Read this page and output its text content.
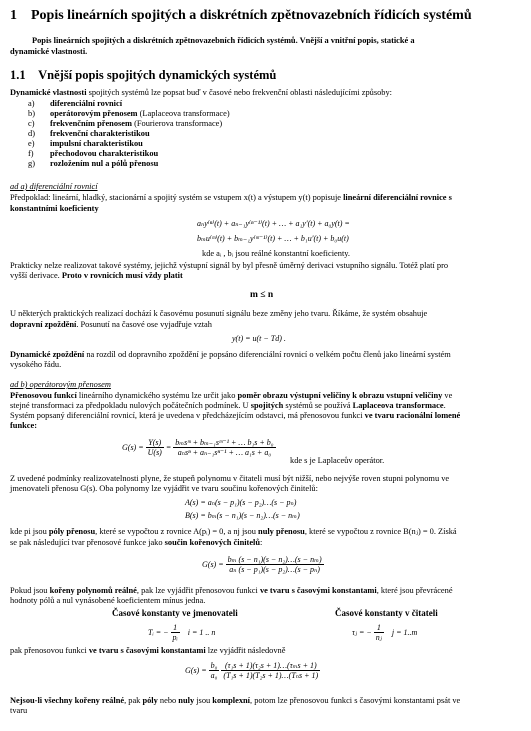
1 Popis lineárních spojitých a diskrétních zpětnovazebních řídicích systémů
Popis lineárních spojitých a diskrétních zpětnovazebních řídicích systémů. Vnější a vnitřní popis, statické a
dynamické vlastnosti.
1.1 Vnější popis spojitých dynamických systémů
Dynamické vlastnosti spojitých systémů lze popsat buď v časové nebo frekvenční oblasti následujícími způsoby:
a) diferenciální rovnicí
b) operátorovým přenosem (Laplaceova transformace)
c) frekvenčním přenosem (Fourierova transformace)
d) frekvenční charakteristikou
e) impulsní charakteristikou
f) přechodovou charakteristikou
g) rozložením nul a pólů přenosu
ad a) diferenciální rovnicí
Předpoklad: lineární, hladký, stacionární a spojitý systém se vstupem x(t) a výstupem y(t) popisuje lineární diferenciální rovnice s
konstantními koeficienty
aₙy⁽ⁿ⁾(t) + aₙ₋₁y⁽ⁿ⁻¹⁾(t) + … + a₁y′(t) + a₀y(t) =
bₘu⁽ᵐ⁾(t) + bₘ₋₁y⁽ᵐ⁻¹⁾(t) + … + b₁u′(t) + b₀u(t)
kde aᵢ , bᵢ jsou reálné konstantní koeficienty.
Prakticky nelze realizovat takové systémy, jejichž výstupní signál by byl přesně úměrný derivaci vstupního signálu. Totéž platí pro
vyšší derivace. Proto v rovnicích musí vždy platit
m ≤ n
U některých praktických realizací dochází k časovému posunutí signálu beze změny jeho tvaru. Říkáme, že systém obsahuje
dopravní zpoždění. Posunutí na časové ose vyjadřuje vztah
y(t) = u(t − Td) .
Dynamické zpoždění na rozdíl od dopravního zpoždění je popsáno diferenciální rovnicí o velkém počtu členů jako lineární systém
vysokého řádu.
ad b) operátorovým přenosem
Přenosovou funkcí lineárního dynamického systému lze určit jako poměr obrazu výstupní veličiny k obrazu vstupní veličiny ve
stejné transformaci za předpokladu nulových počátečních podmínek. U spojitých systémů se používá Laplaceova transformace.
Systém popsaný diferenciální rovnicí, která je uvedena v předcházejícím odstavci, má přenosovou funkci ve tvaru racionální lomené
funkce:
$G(s) = \frac{Y(s)}{U(s)} = \frac{\text{bₘsᵐ + bₘ₋₁sᵐ⁻¹ + … b₁s + b₀}}{\text{aₙsⁿ + aₙ₋₁sⁿ⁻¹ + … a₁s + a₀}}$
kde s je Laplaceův operátor.
Z uvedené podmínky realizovatelnosti plyne, že stupeň polynomu v čitateli musí být nižší, nebo nejvýše roven stupni polynomu ve
jmenovateli přenosu G(s). Oba polynomy lze vyjádřit ve tvaru součinu kořenových činitelů:
A(s) = aₙ(s − p₁)(s − p₂)…(s − pₙ)
B(s) = bₘ(s − n₁)(s − n₂)…(s − nₘ)
kde pi jsou póly přenosu, které se vypočtou z rovnice A(pᵢ) = 0, a nj jsou nuly přenosu, které se vypočtou z rovnice B(nⱼ) = 0. Získá
se pak následující tvar přenosové funkce jako součin kořenových činitelů:
$G(s) = \frac{\text{bₘ (s − n₁)(s − n₂)…(s − nₘ)}}{\text{aₙ (s − p₁)(s − p₂)…(s − pₙ)}}$
Pokud jsou kořeny polynomů reálné, pak lze vyjádřit přenosovou funkci ve tvaru s časovými konstantami, které jsou převrácené
hodnoty pólů a nul vynásobené koeficientem mínus jedna.
Časové konstanty ve jmenovateli	Časové konstanty v čitateli
Tᵢ = − $\frac{1}{\text{pᵢ}}$ i = 1 .. n	τⱼ = − $\frac{1}{\text{nⱼ}}$ j = 1..m
pak přenosovou funkci ve tvaru s časovými konstantami lze vyjádřit následovně
$G(s) = \frac{\text{b₀}}{\text{a₀}}$
$\frac{\text{(τ₁s + 1)(τ₂s + 1)…(τₘs + 1)}}{\text{(T₁s + 1)(T₂s + 1)…(Tₙs + 1)}}$
Nejsou-li všechny kořeny reálné, pak póly nebo nuly jsou komplexní, potom lze přenosovou funkci s časovými konstantami psát ve
tvaru
